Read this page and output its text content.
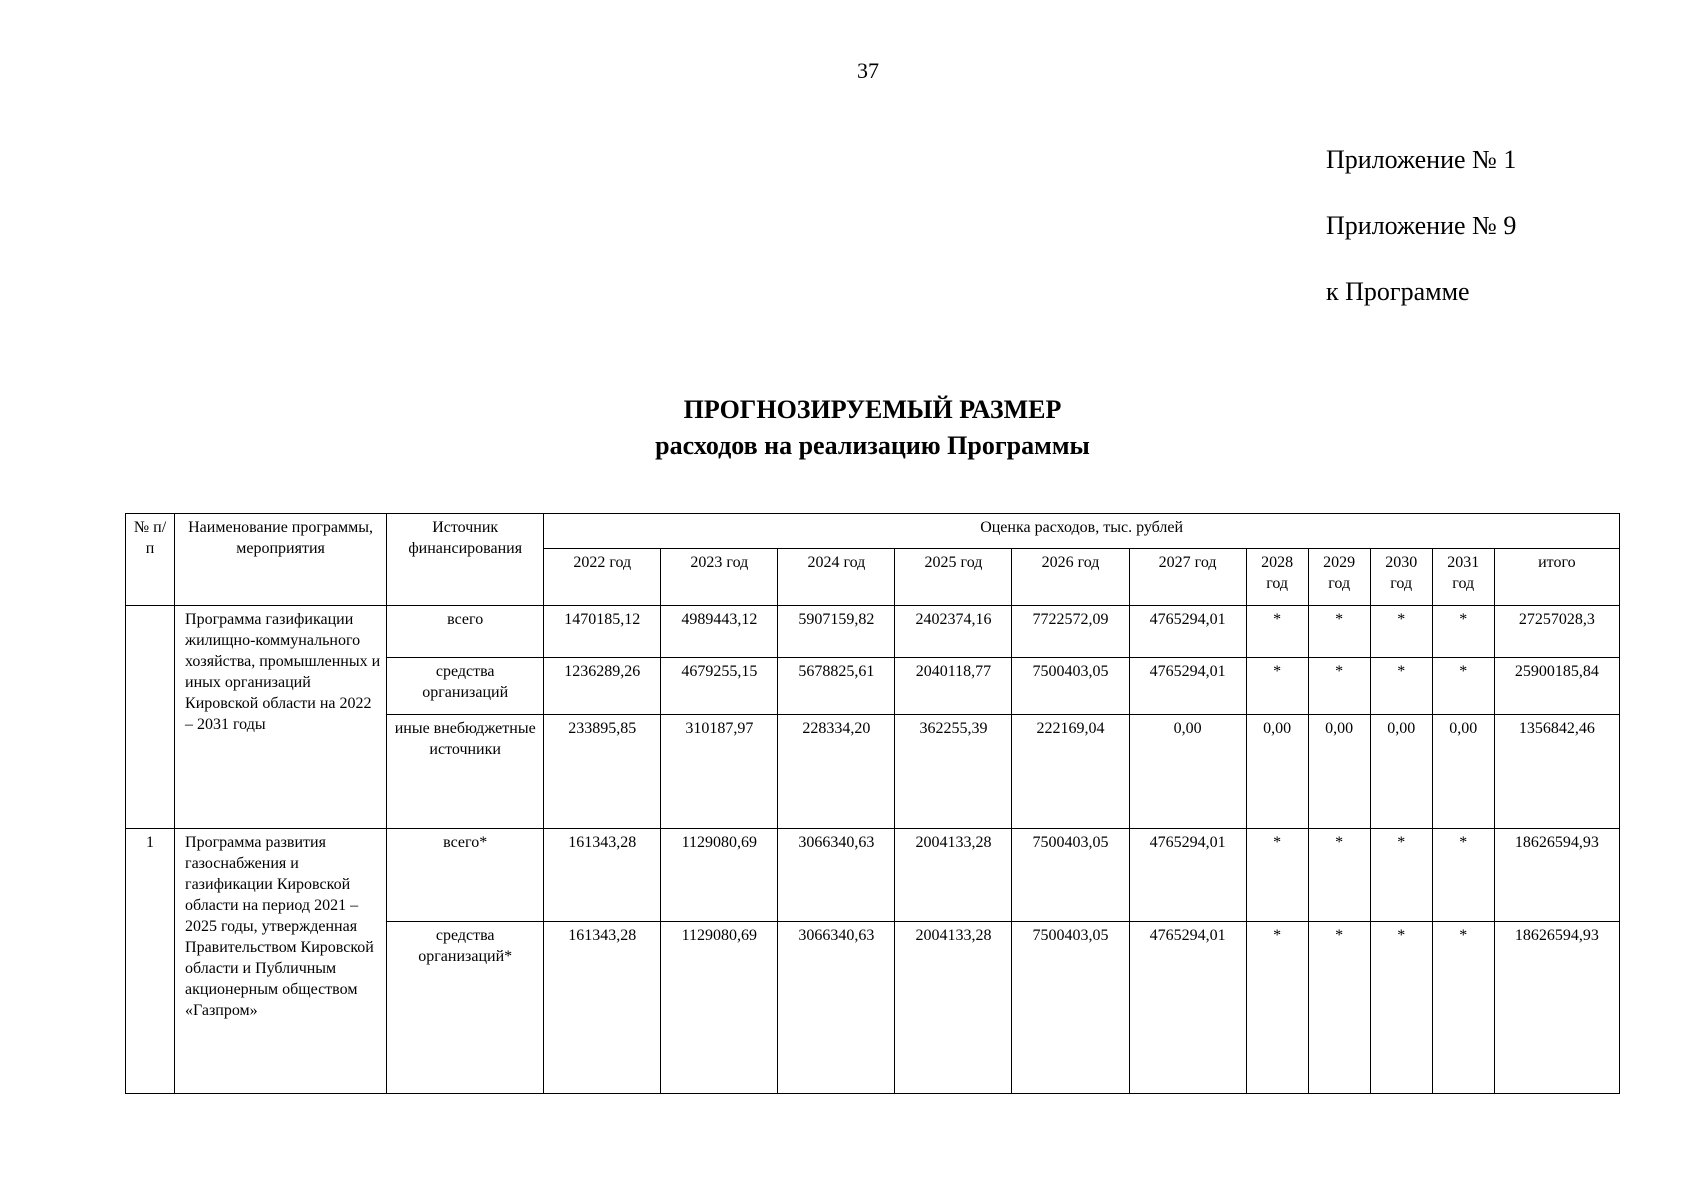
37
Приложение № 1
Приложение № 9
к Программе
ПРОГНОЗИРУЕМЫЙ РАЗМЕР
расходов на реализацию Программы
№ п/п	Наименование программы, мероприятия	Источник финансирования	Оценка расходов, тыс. рублей										
			2022 год	2023 год	2024 год	2025 год	2026 год	2027 год	2028 год	2029 год	2030 год	2031 год	итого
	Программа газификации жилищно-коммунального хозяйства, промышленных и иных организаций Кировской области на 2022 – 2031 годы	всего	1470185,12	4989443,12	5907159,82	2402374,16	7722572,09	4765294,01	*	*	*	*	27257028,3
		средства организаций	1236289,26	4679255,15	5678825,61	2040118,77	7500403,05	4765294,01	*	*	*	*	25900185,84
		иные внебюджетные источники	233895,85	310187,97	228334,20	362255,39	222169,04	0,00	0,00	0,00	0,00	0,00	1356842,46
1	Программа развития газоснабжения и газификации Кировской области на период 2021 – 2025 годы, утвержденная Правительством Кировской области и Публичным акционерным обществом «Газпром»	всего*	161343,28	1129080,69	3066340,63	2004133,28	7500403,05	4765294,01	*	*	*	*	18626594,93
		средства организаций*	161343,28	1129080,69	3066340,63	2004133,28	7500403,05	4765294,01	*	*	*	*	18626594,93
